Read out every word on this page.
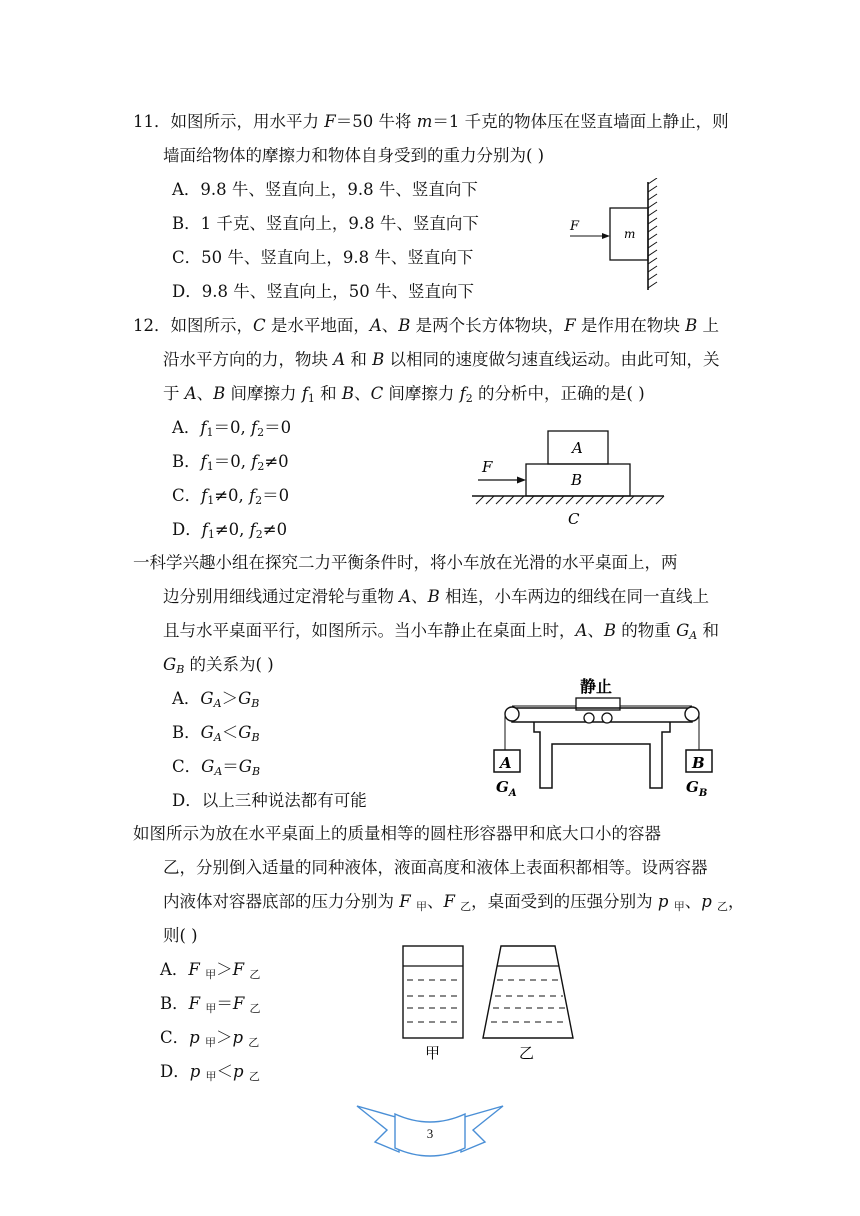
11．如图所示，用水平力 F＝50 牛将 m＝1 千克的物体压在竖直墙面上静止，则
墙面给物体的摩擦力和物体自身受到的重力分别为( )
A．9.8 牛、竖直向上，9.8 牛、竖直向下
B．1 千克、竖直向上，9.8 牛、竖直向下
C．50 牛、竖直向上，9.8 牛、竖直向下
D．9.8 牛、竖直向上，50 牛、竖直向下
F	m
12．如图所示，C 是水平地面，A、B 是两个长方体物块，F 是作用在物块 B 上
沿水平方向的力，物块 A 和 B 以相同的速度做匀速直线运动。由此可知，关
于 A、B 间摩擦力 $f_1$ 和 B、C 间摩擦力 $f_2$ 的分析中，正确的是( )
A．$f_1=0$, $f_2=0$
B．$f_1=0$, $f_2\ne 0$
C．$f_1\ne 0$, $f_2=0$
D．$f_1\ne 0$, $f_2\ne 0$
F
A
B
C
一科学兴趣小组在探究二力平衡条件时，将小车放在光滑的水平桌面上，两
边分别用细线通过定滑轮与重物 A、B 相连，小车两边的细线在同一直线上
且与水平桌面平行，如图所示。当小车静止在桌面上时，A、B 的物重 $G_A$ 和
$G_B$ 的关系为( )
A．$G_A>G_B$
B．$G_A<G_B$
C．$G_A=G_B$
D．以上三种说法都有可能
静止
A	B
$G_A$	$G_B$
如图所示为放在水平桌面上的质量相等的圆柱形容器甲和底大口小的容器
乙，分别倒入适量的同种液体，液面高度和液体上表面积都相等。设两容器
内液体对容器底部的压力分别为 F $_甲$、F $_乙$，桌面受到的压强分别为 p $_甲$、p $_乙$，
则( )
A．F $_甲$＞F $_乙$
B．F $_甲$＝F $_乙$
C．p $_甲$＞p $_乙$
D．p $_甲$＜p $_乙$
甲	乙
3
